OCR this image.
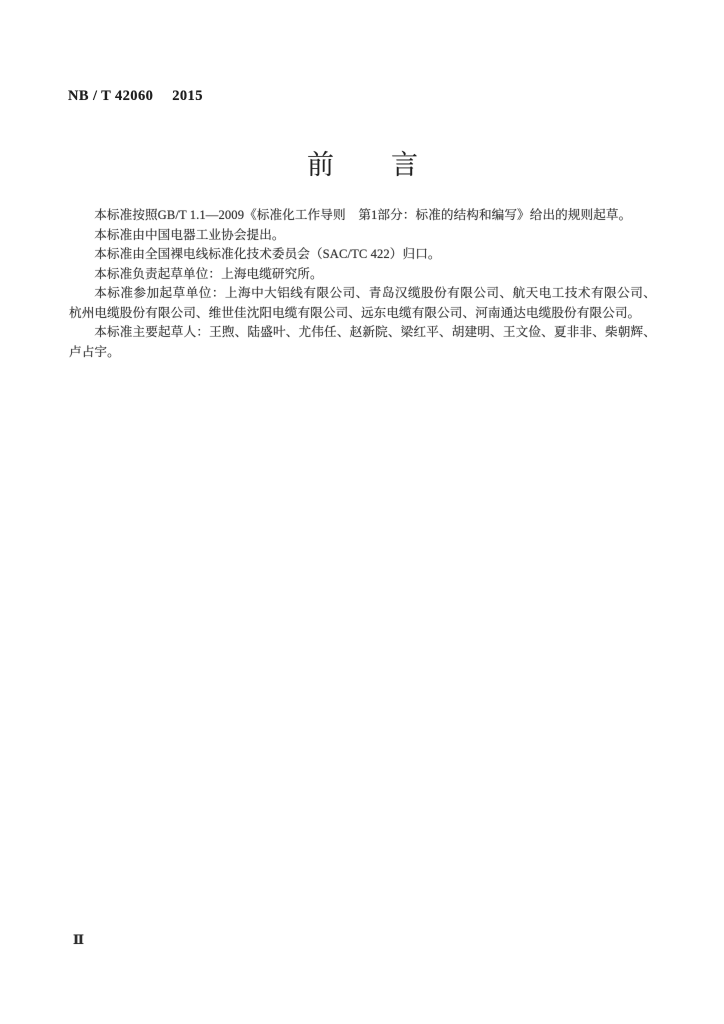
NB / T 42060 2015
前 言
本标准按照GB/T 1.1—2009《标准化工作导则　第1部分：标准的结构和编写》给出的规则起草。
本标准由中国电器工业协会提出。
本标准由全国裸电线标准化技术委员会（SAC/TC 422）归口。
本标准负责起草单位：上海电缆研究所。
本标准参加起草单位：上海中大铝线有限公司、青岛汉缆股份有限公司、航天电工技术有限公司、
杭州电缆股份有限公司、维世佳沈阳电缆有限公司、远东电缆有限公司、河南通达电缆股份有限公司。
本标准主要起草人：王煦、陆盛叶、尤伟任、赵新院、梁红平、胡建明、王文俭、夏非非、柴朝辉、
卢占宇。
Ⅱ
